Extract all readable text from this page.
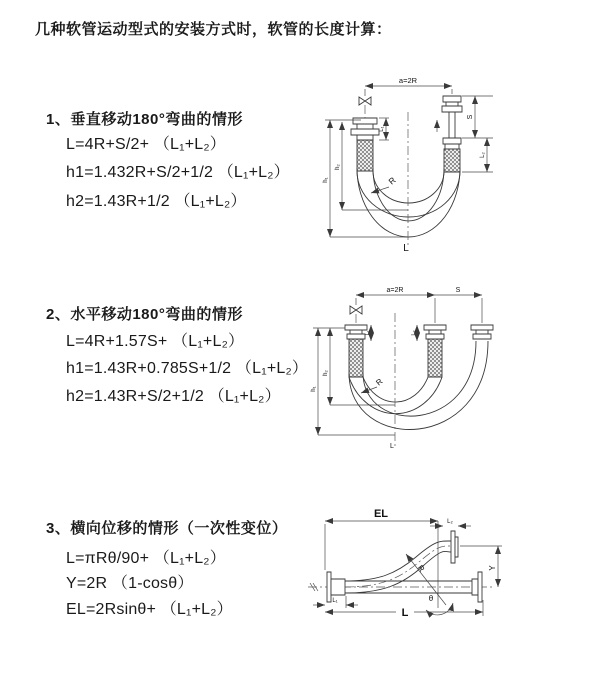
几种软管运动型式的安装方式时，软管的长度计算：
1、垂直移动180°弯曲的情形
L=4R+S/2+ （L₁+L₂）
h1=1.432R+S/2+1/2 （L₁+L₂）
h2=1.43R+1/2 （L₁+L₂）
2、水平移动180°弯曲的情形
L=4R+1.57S+ （L₁+L₂）
h1=1.43R+0.785S+1/2 （L₁+L₂）
h2=1.43R+S/2+1/2 （L₁+L₂）
3、横向位移的情形（一次性变位）
L=πRθ/90+ （L₁+L₂）
Y=2R （1-cosθ）
EL=2Rsinθ+ （L₁+L₂）
a=2R
L₁
S
L₂
h₁
h₂
R
L
a=2R	S
L₁	L₂
h₁
h₂
R
L
EL
L₂
Y
R
θ
L
L₁
